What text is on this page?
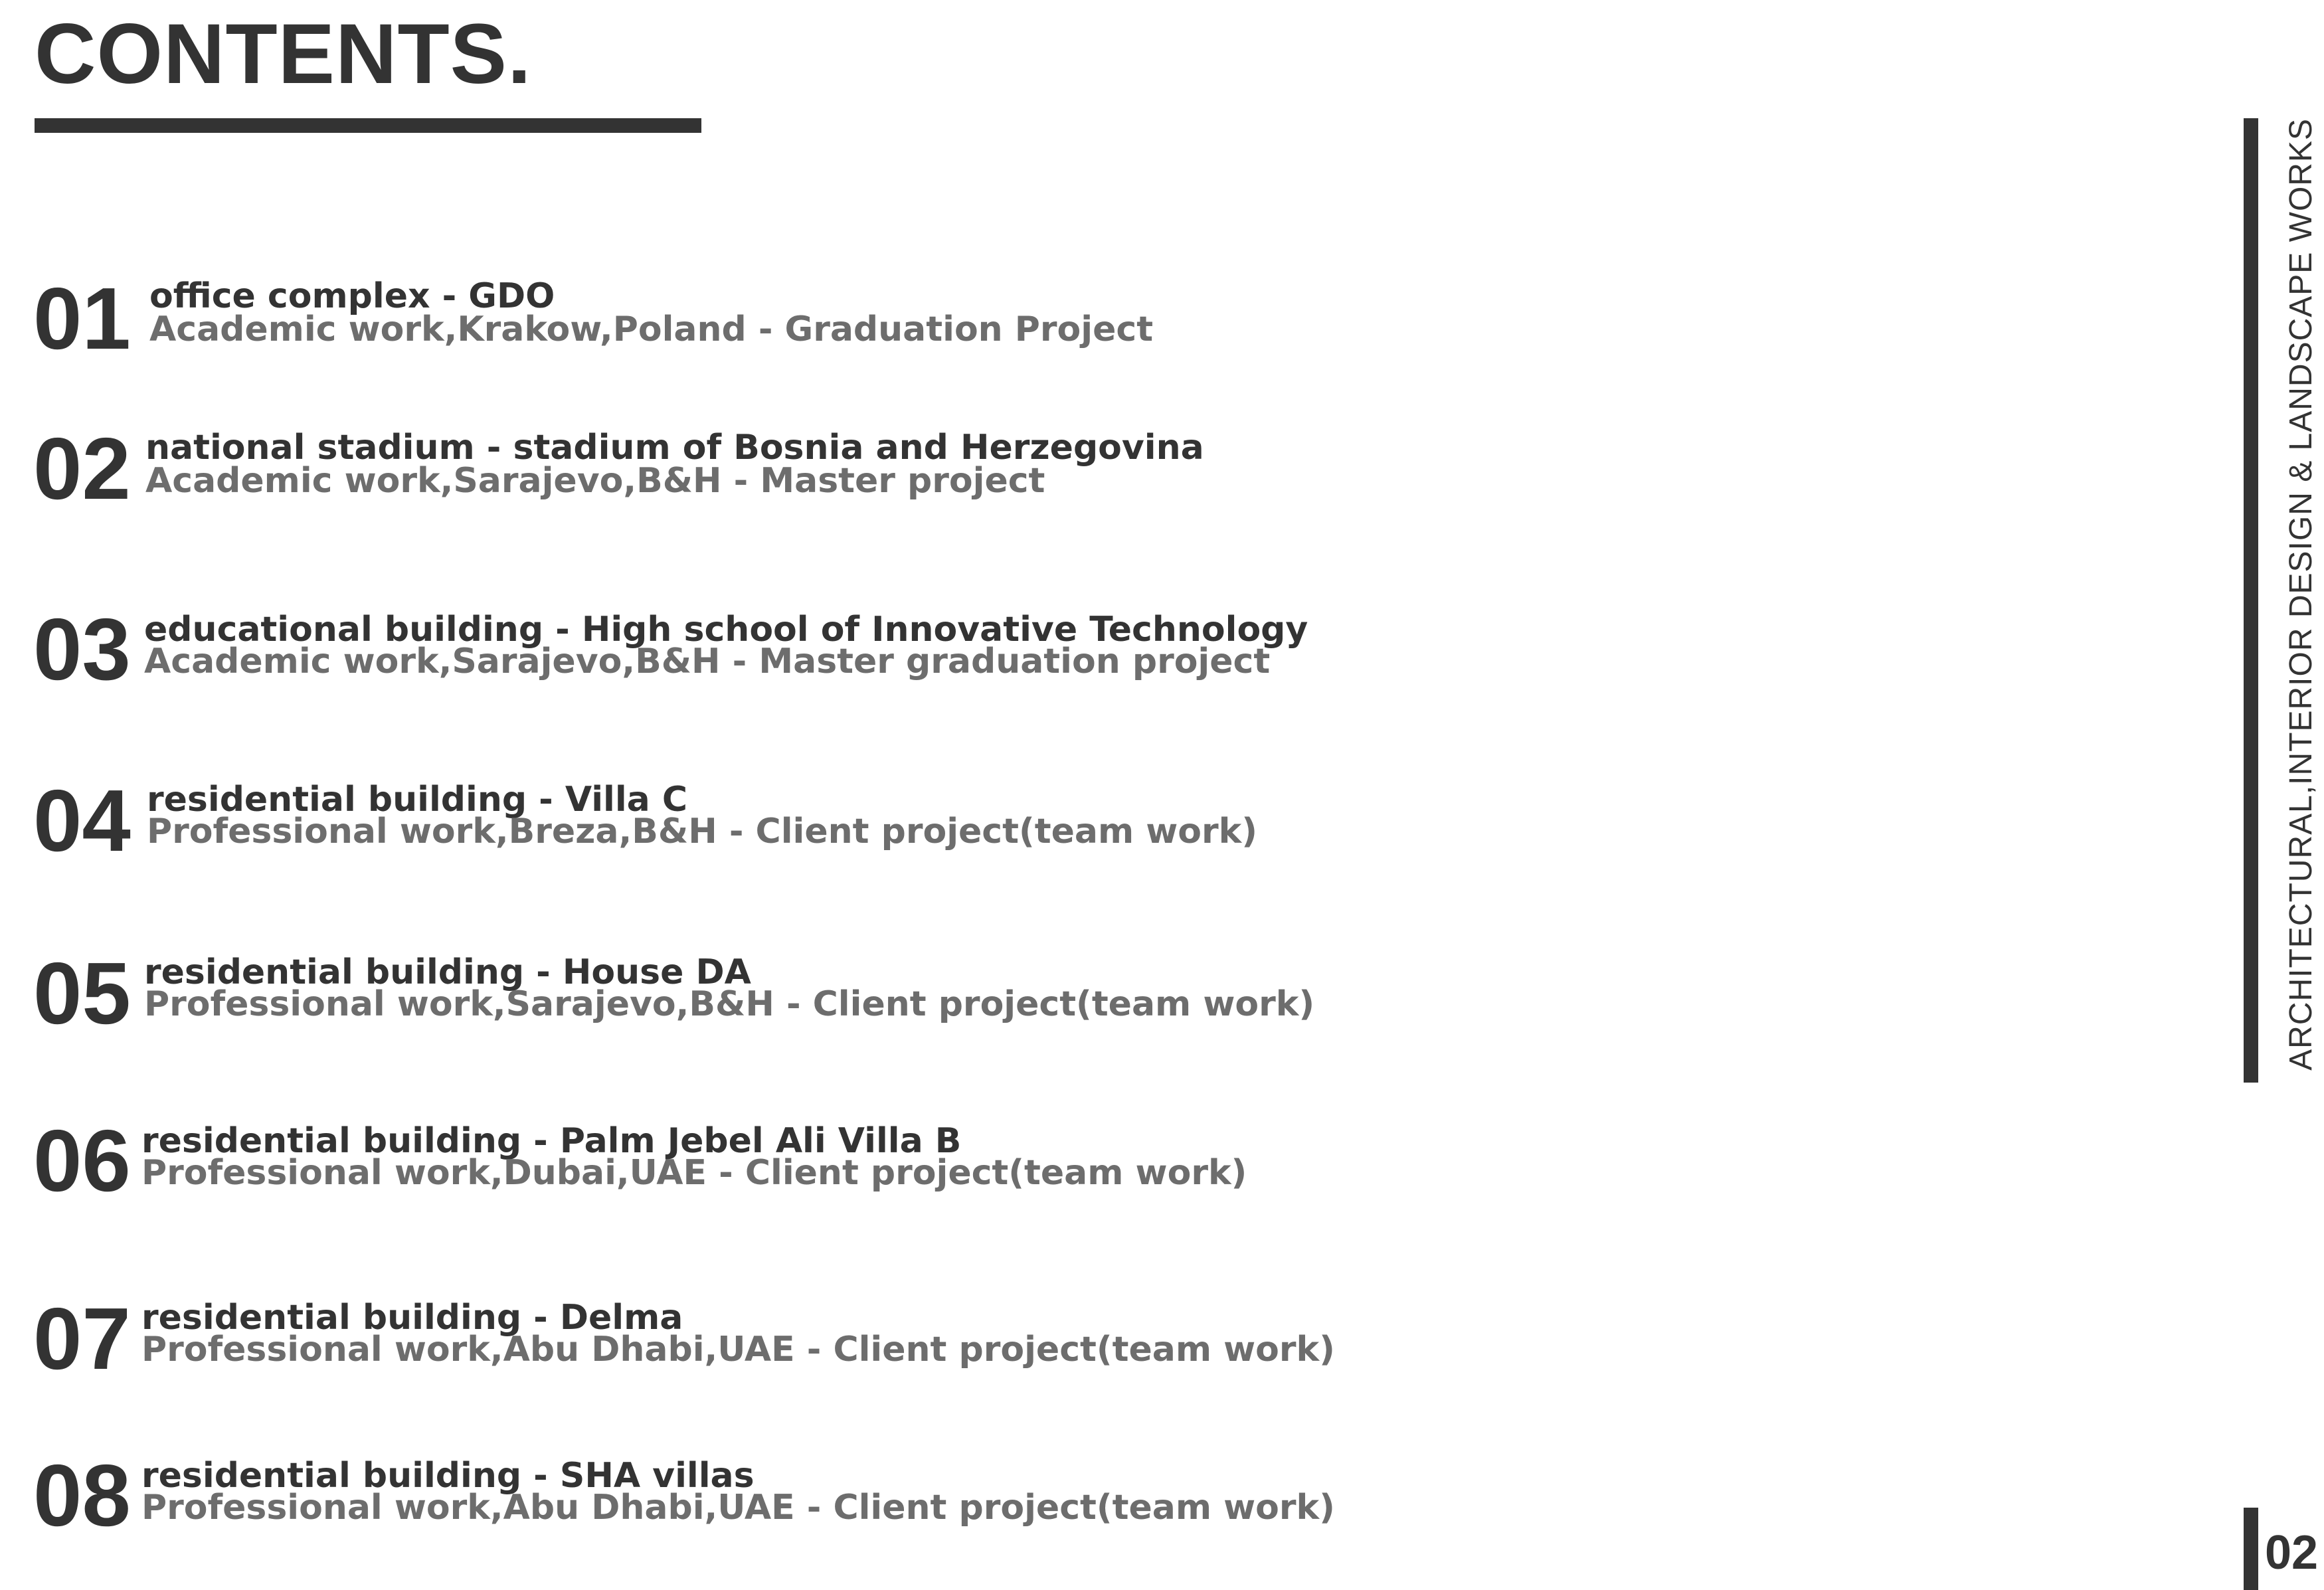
CONTENTS.
01 office complex - GDO
Academic work,Krakow,Poland - Graduation Project
02 national stadium - stadium of Bosnia and Herzegovina
Academic work,Sarajevo,B&H - Master project
03 educational building - High school of Innovative Technology
Academic work,Sarajevo,B&H - Master graduation project
04 residential building - Villa C
Professional work,Breza,B&H - Client project(team work)
05 residential building - House DA
Professional work,Sarajevo,B&H - Client project(team work)
06 residential building - Palm Jebel Ali Villa B
Professional work,Dubai,UAE - Client project(team work)
07 residential building - Delma
Professional work,Abu Dhabi,UAE - Client project(team work)
08 residential building - SHA villas
Professional work,Abu Dhabi,UAE - Client project(team work)
ARCHITECTURAL,INTERIOR DESIGN & LANDSCAPE WORKS
02
